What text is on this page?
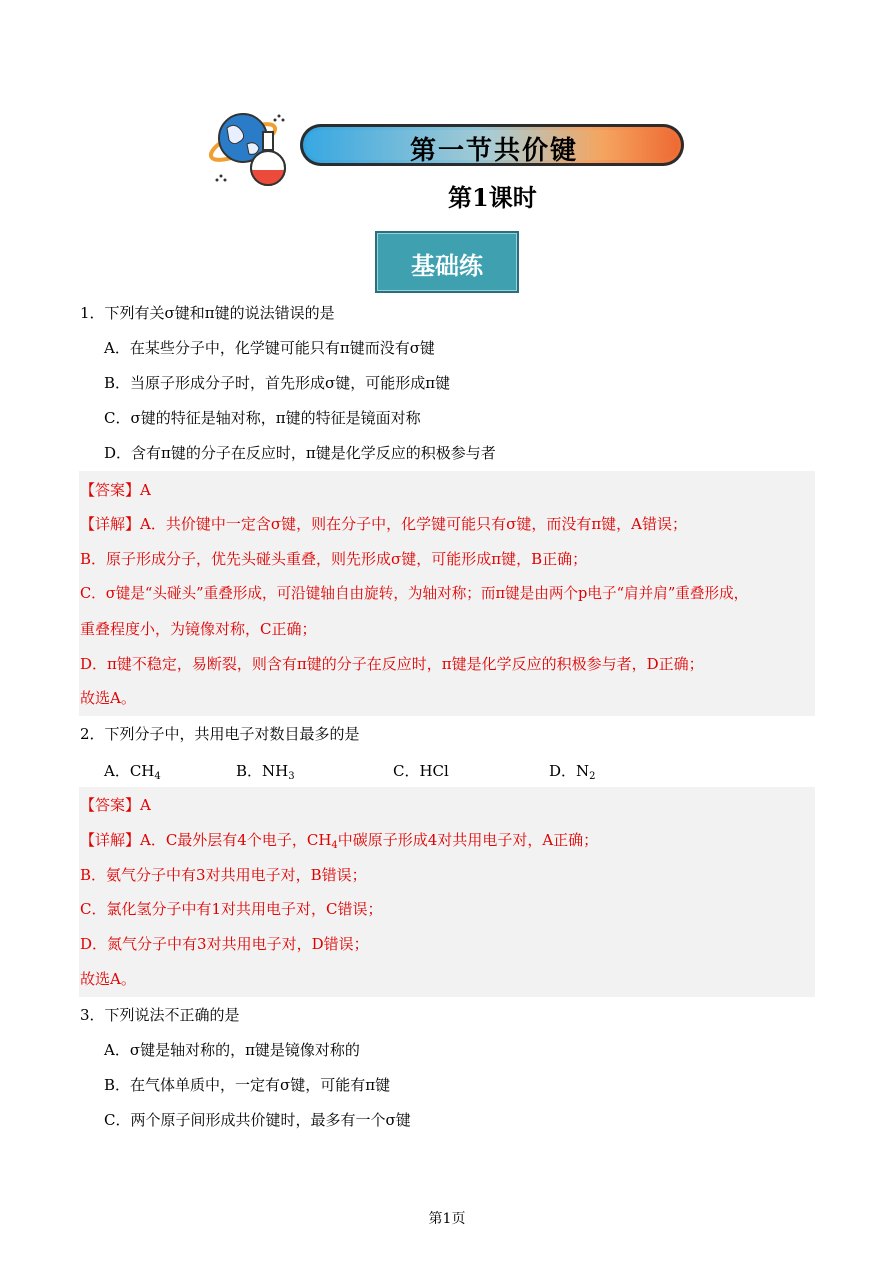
第一节共价键
第1课时
基础练
1．下列有关σ键和π键的说法错误的是
A．在某些分子中，化学键可能只有π键而没有σ键
B．当原子形成分子时，首先形成σ键，可能形成π键
C．σ键的特征是轴对称，π键的特征是镜面对称
D．含有π键的分子在反应时，π键是化学反应的积极参与者
【答案】A
【详解】A．共价键中一定含σ键，则在分子中，化学键可能只有σ键，而没有π键，A错误；
B．原子形成分子，优先头碰头重叠，则先形成σ键，可能形成π键，B正确；
C．σ键是“头碰头”重叠形成，可沿键轴自由旋转，为轴对称；而π键是由两个p电子“肩并肩”重叠形成，
重叠程度小，为镜像对称，C正确；
D．π键不稳定，易断裂，则含有π键的分子在反应时，π键是化学反应的积极参与者，D正确；
故选A。
2．下列分子中，共用电子对数目最多的是
A．$CH_4$	B．$NH_3$	C．HCl	D．$N_2$
【答案】A
【详解】A．C最外层有4个电子，$CH_4$中碳原子形成4对共用电子对，A正确；
B．氨气分子中有3对共用电子对，B错误；
C．氯化氢分子中有1对共用电子对，C错误；
D．氮气分子中有3对共用电子对，D错误；
故选A。
3．下列说法不正确的是
A．σ键是轴对称的，π键是镜像对称的
B．在气体单质中，一定有σ键，可能有π键
C．两个原子间形成共价键时，最多有一个σ键
第1页
